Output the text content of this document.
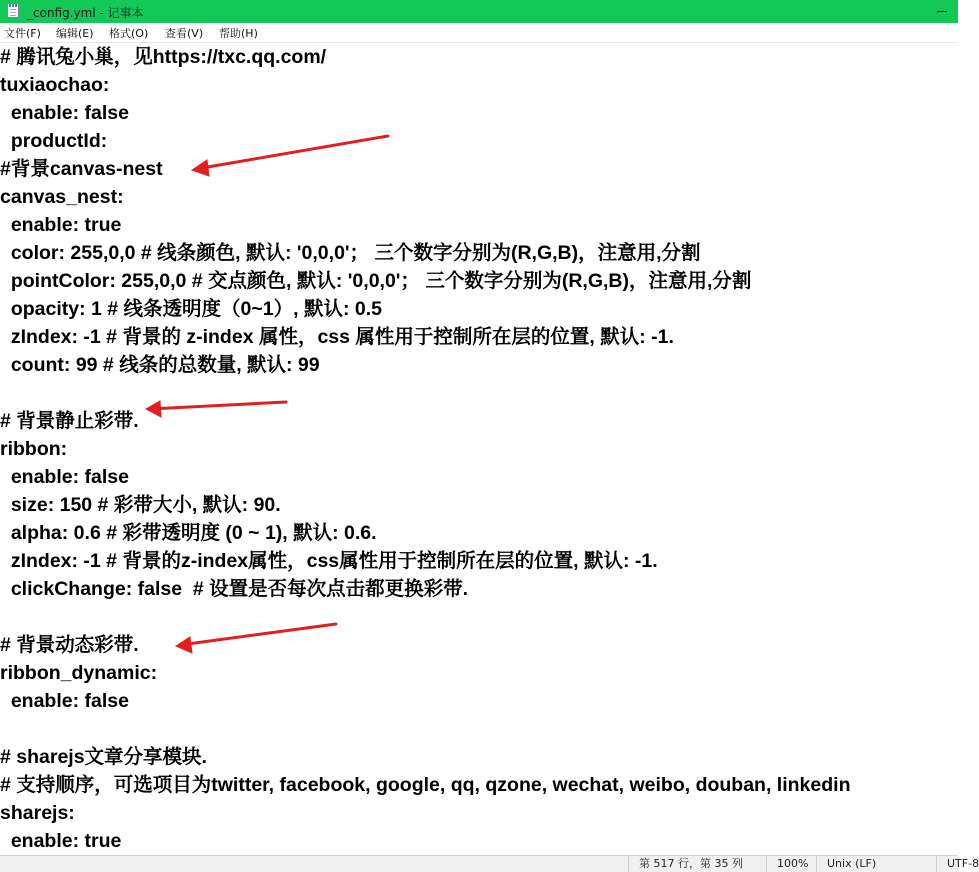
_config.yml - 记事本
文件(F) 编辑(E) 格式(O) 查看(V) 帮助(H)
# 腾讯兔小巢，见https://txc.qq.com/
tuxiaochao:
enable: false
productId:
#背景canvas-nest
canvas_nest:
enable: true
color: 255,0,0 # 线条颜色, 默认: '0,0,0'； 三个数字分别为(R,G,B)，注意用,分割
pointColor: 255,0,0 # 交点颜色, 默认: '0,0,0'； 三个数字分别为(R,G,B)，注意用,分割
opacity: 1 # 线条透明度（0~1）, 默认: 0.5
zIndex: -1 # 背景的 z-index 属性，css 属性用于控制所在层的位置, 默认: -1.
count: 99 # 线条的总数量, 默认: 99
# 背景静止彩带.
ribbon:
enable: false
size: 150 # 彩带大小, 默认: 90.
alpha: 0.6 # 彩带透明度 (0 ~ 1), 默认: 0.6.
zIndex: -1 # 背景的z-index属性，css属性用于控制所在层的位置, 默认: -1.
clickChange: false  # 设置是否每次点击都更换彩带.
# 背景动态彩带.
ribbon_dynamic:
enable: false
# sharejs文章分享模块.
# 支持顺序，可选项目为twitter, facebook, google, qq, qzone, wechat, weibo, douban, linkedin
sharejs:
enable: true
第 517 行，第 35 列	100%	Unix (LF)	UTF-8
